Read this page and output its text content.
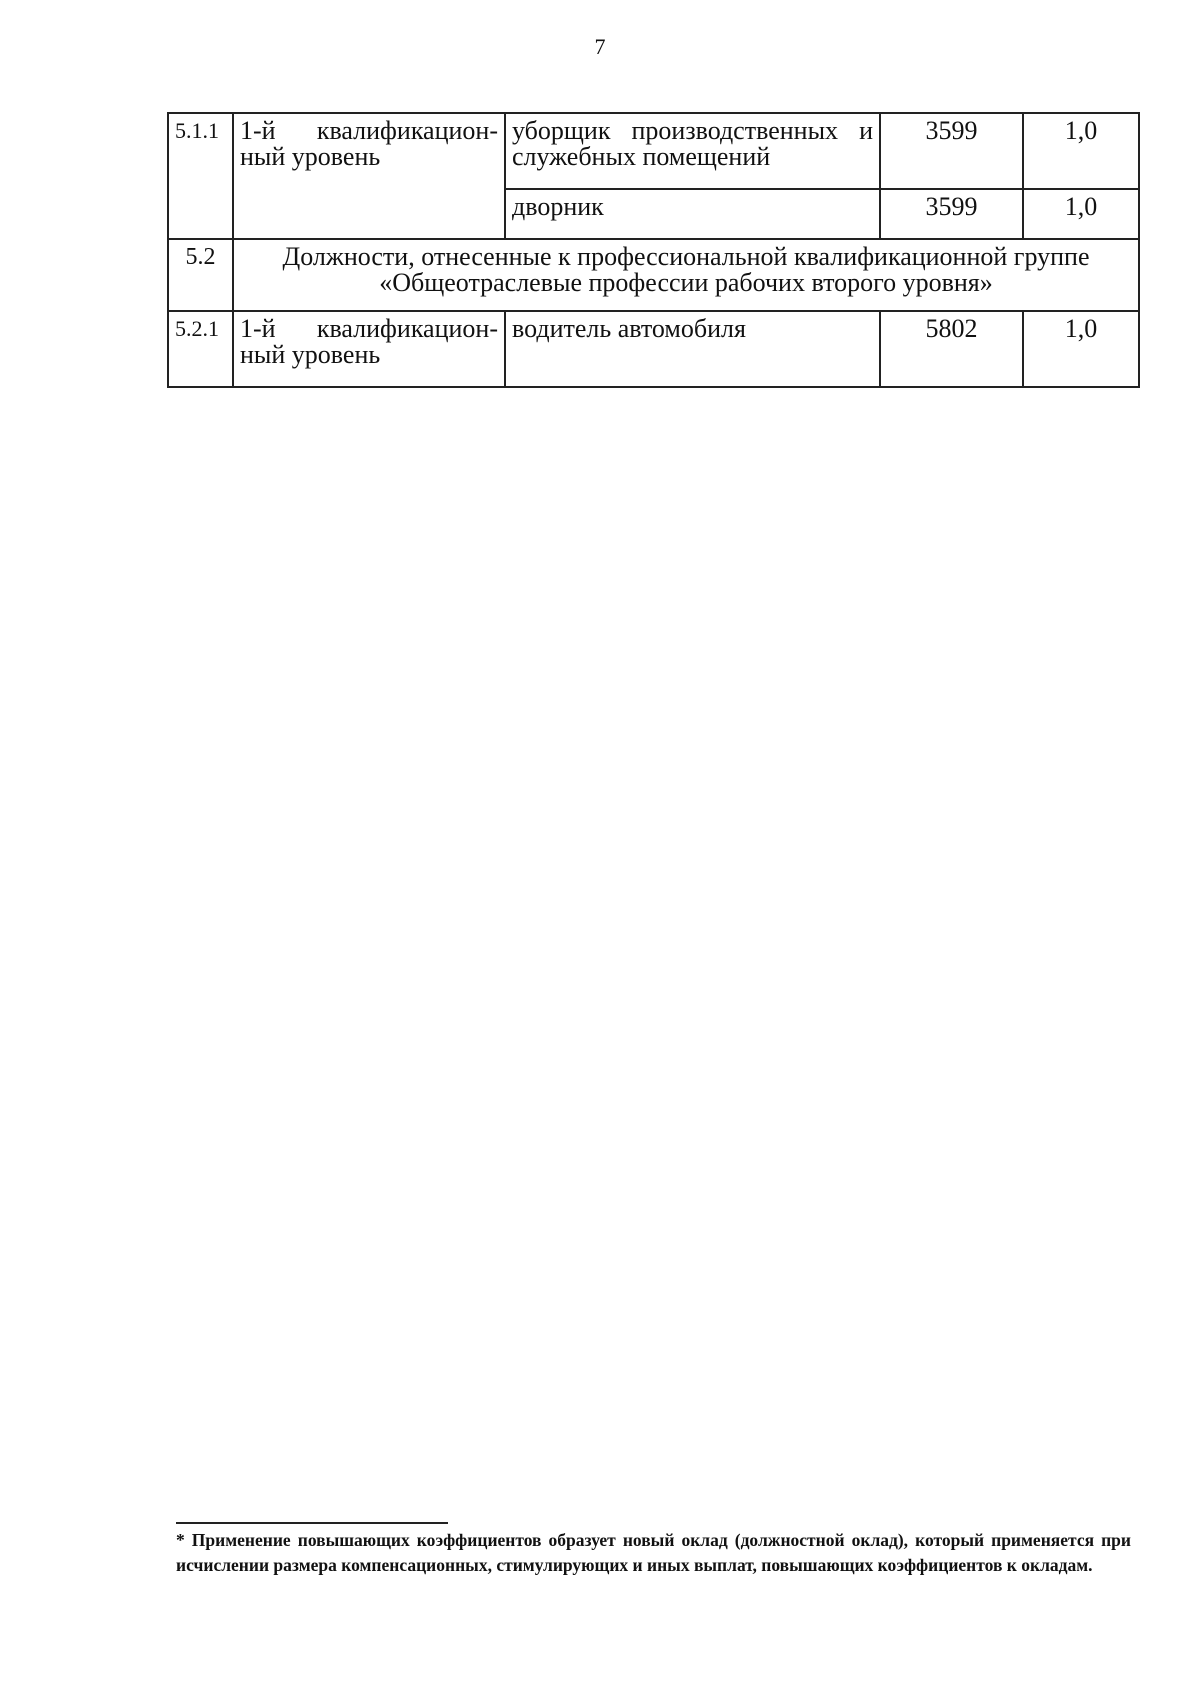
7
5.1.1	1-й квалификацион-ный уровень	уборщик производственных и служебных помещений	3599	1,0
		дворник	3599	1,0
5.2	Должности, отнесенные к профессиональной квалификационной группе «Общеотраслевые профессии рабочих второго уровня»			
5.2.1	1-й квалификацион-ный уровень	водитель автомобиля	5802	1,0
* Применение повышающих коэффициентов образует новый оклад (должностной оклад), который применяется при исчислении размера компенсационных, стимулирующих и иных выплат, повышающих коэффициентов к окладам.
